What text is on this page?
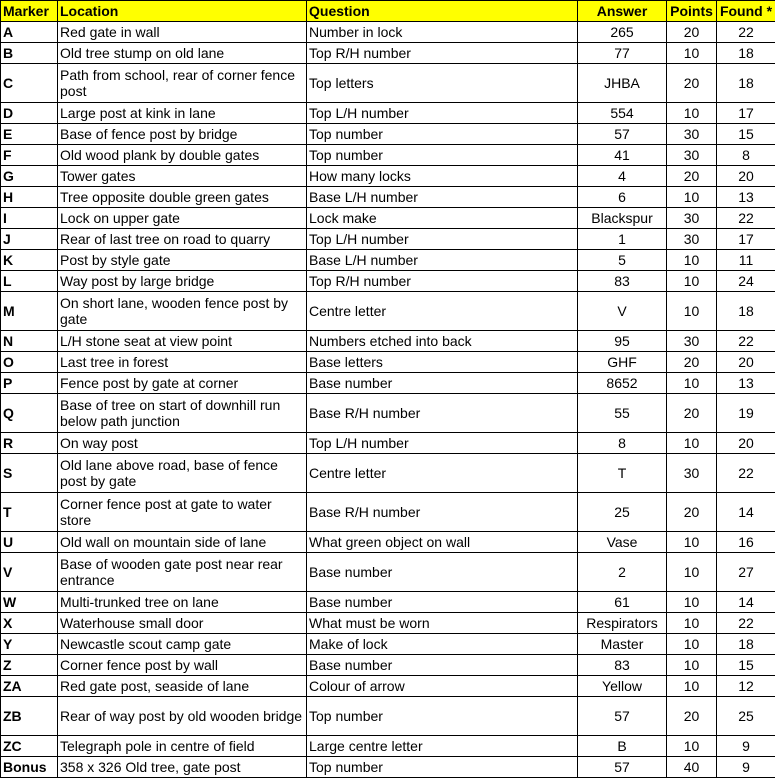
Marker	Location	Question	Answer	Points	Found *
A	Red gate in wall	Number in lock	265	20	22
B	Old tree stump on old lane	Top R/H number	77	10	18
C	Path from school, rear of corner fence post	Top letters	JHBA	20	18
D	Large post at kink in lane	Top L/H number	554	10	17
E	Base of fence post by bridge	Top number	57	30	15
F	Old wood plank by double gates	Top number	41	30	8
G	Tower gates	How many locks	4	20	20
H	Tree opposite double green gates	Base L/H number	6	10	13
I	Lock on upper gate	Lock make	Blackspur	30	22
J	Rear of last tree on road to quarry	Top L/H number	1	30	17
K	Post by style gate	Base L/H number	5	10	11
L	Way post by large bridge	Top R/H number	83	10	24
M	On short lane, wooden fence post by gate	Centre letter	V	10	18
N	L/H stone seat at view point	Numbers etched into back	95	30	22
O	Last tree in forest	Base letters	GHF	20	20
P	Fence post by gate at corner	Base number	8652	10	13
Q	Base of tree on start of downhill run below path junction	Base R/H number	55	20	19
R	On way post	Top L/H number	8	10	20
S	Old lane above road, base of fence post by gate	Centre letter	T	30	22
T	Corner fence post at gate to water store	Base R/H number	25	20	14
U	Old wall on mountain side of lane	What green object on wall	Vase	10	16
V	Base of wooden gate post near rear entrance	Base number	2	10	27
W	Multi-trunked tree on lane	Base number	61	10	14
X	Waterhouse small door	What must be worn	Respirators	10	22
Y	Newcastle scout camp gate	Make of lock	Master	10	18
Z	Corner fence post by wall	Base number	83	10	15
ZA	Red gate post, seaside of lane	Colour of arrow	Yellow	10	12
ZB	Rear of way post by old wooden bridge	Top number	57	20	25
ZC	Telegraph pole in centre of field	Large centre letter	B	10	9
Bonus	358 x 326 Old tree, gate post	Top number	57	40	9
